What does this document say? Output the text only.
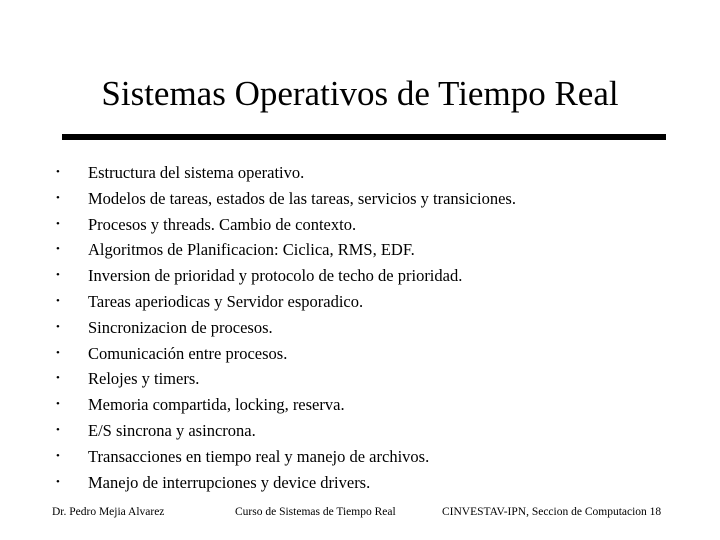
Sistemas Operativos de Tiempo Real
•	Estructura del sistema operativo.
•	Modelos de tareas, estados de las tareas, servicios y transiciones.
•	Procesos y threads. Cambio de contexto.
•	Algoritmos de Planificacion: Ciclica, RMS, EDF.
•	Inversion de prioridad y protocolo de techo de prioridad.
•	Tareas aperiodicas y Servidor esporadico.
•	Sincronizacion de procesos.
•	Comunicación entre procesos.
•	Relojes y timers.
•	Memoria compartida, locking, reserva.
•	E/S sincrona y asincrona.
•	Transacciones en tiempo real y manejo de archivos.
•	Manejo de interrupciones y device drivers.
Dr. Pedro Mejia Alvarez	Curso de Sistemas de Tiempo Real	CINVESTAV-IPN, Seccion de Computacion 18
